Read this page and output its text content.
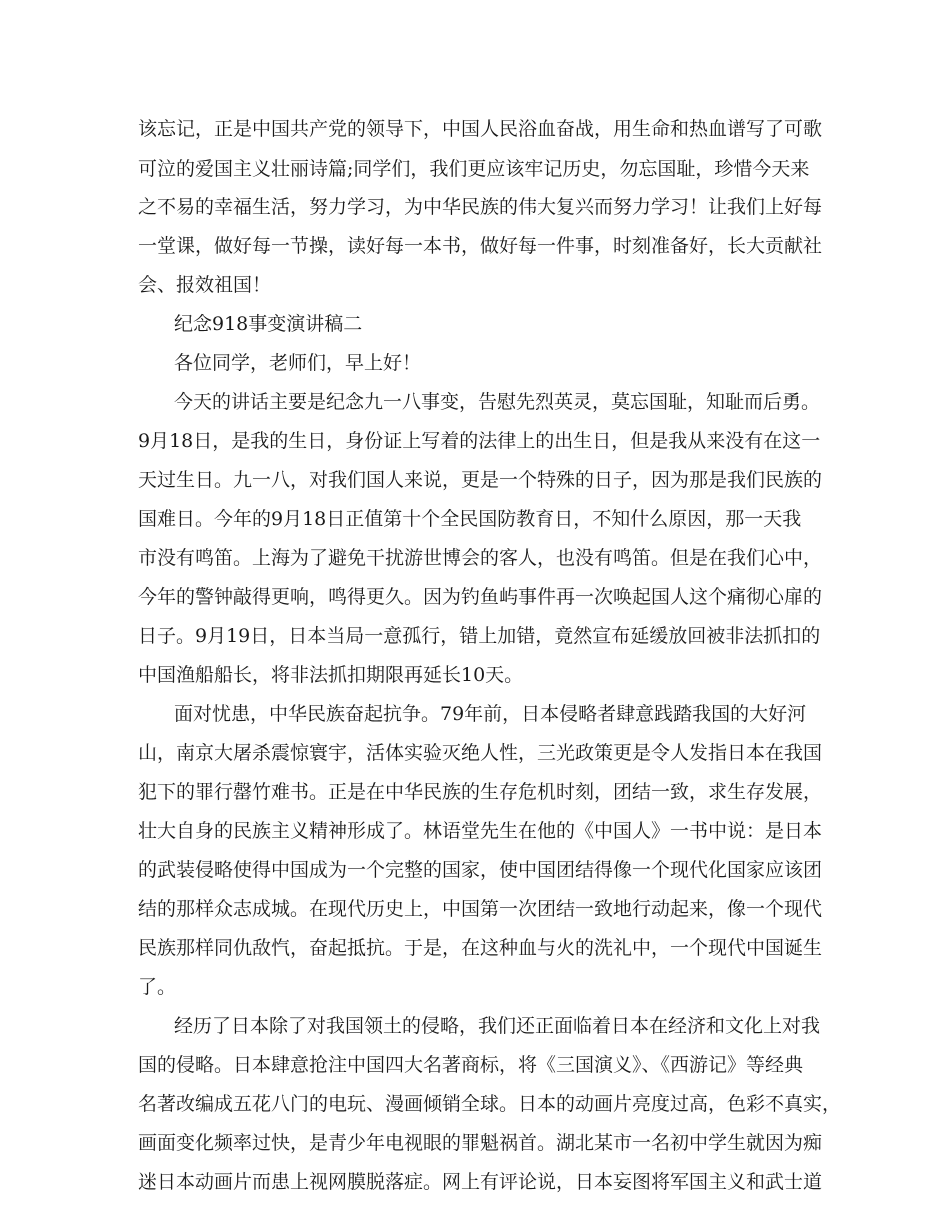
该忘记，正是中国共产党的领导下，中国人民浴血奋战，用生命和热血谱写了可歌
可泣的爱国主义壮丽诗篇;同学们，我们更应该牢记历史，勿忘国耻，珍惜今天来
之不易的幸福生活，努力学习，为中华民族的伟大复兴而努力学习！让我们上好每
一堂课，做好每一节操，读好每一本书，做好每一件事，时刻准备好，长大贡献社
会、报效祖国！
纪念918事变演讲稿二
各位同学，老师们，早上好！
今天的讲话主要是纪念九一八事变，告慰先烈英灵，莫忘国耻，知耻而后勇。
9月18日，是我的生日，身份证上写着的法律上的出生日，但是我从来没有在这一
天过生日。九一八，对我们国人来说，更是一个特殊的日子，因为那是我们民族的
国难日。今年的9月18日正值第十个全民国防教育日，不知什么原因，那一天我
市没有鸣笛。上海为了避免干扰游世博会的客人，也没有鸣笛。但是在我们心中，
今年的警钟敲得更响，鸣得更久。因为钓鱼屿事件再一次唤起国人这个痛彻心扉的
日子。9月19日，日本当局一意孤行，错上加错，竟然宣布延缓放回被非法抓扣的
中国渔船船长，将非法抓扣期限再延长10天。
面对忧患，中华民族奋起抗争。79年前，日本侵略者肆意践踏我国的大好河
山，南京大屠杀震惊寰宇，活体实验灭绝人性，三光政策更是令人发指日本在我国
犯下的罪行罄竹难书。正是在中华民族的生存危机时刻，团结一致，求生存发展，
壮大自身的民族主义精神形成了。林语堂先生在他的《中国人》一书中说：是日本
的武装侵略使得中国成为一个完整的国家，使中国团结得像一个现代化国家应该团
结的那样众志成城。在现代历史上，中国第一次团结一致地行动起来，像一个现代
民族那样同仇敌忾，奋起抵抗。于是，在这种血与火的洗礼中，一个现代中国诞生
了。
经历了日本除了对我国领土的侵略，我们还正面临着日本在经济和文化上对我
国的侵略。日本肆意抢注中国四大名著商标，将《三国演义》、《西游记》等经典
名著改编成五花八门的电玩、漫画倾销全球。日本的动画片亮度过高，色彩不真实，
画面变化频率过快，是青少年电视眼的罪魁祸首。湖北某市一名初中学生就因为痴
迷日本动画片而患上视网膜脱落症。网上有评论说，日本妄图将军国主义和武士道
